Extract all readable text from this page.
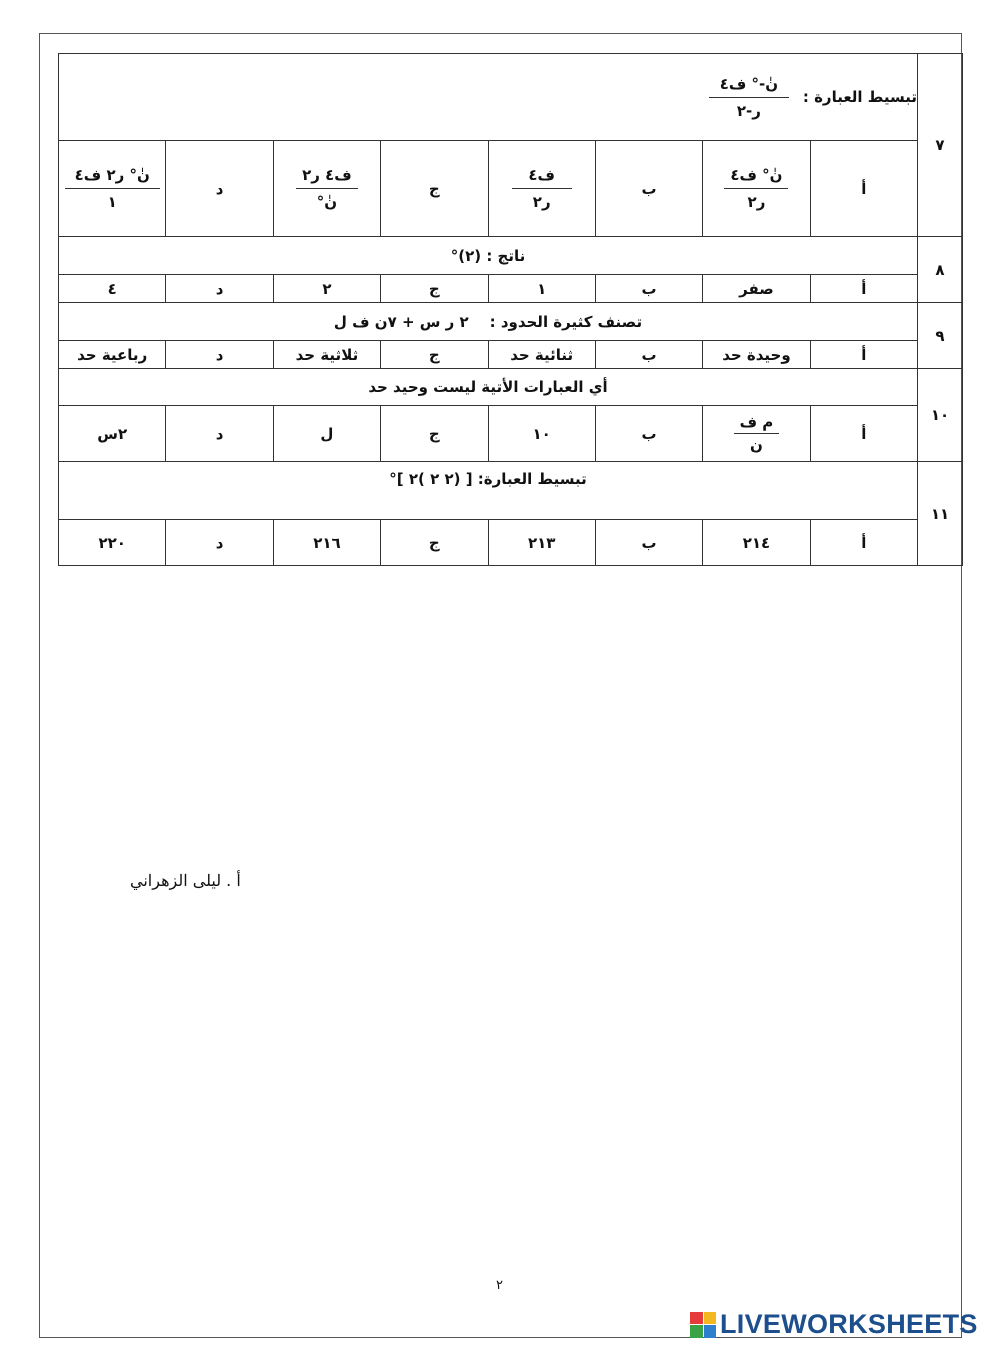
٧	تبسيط العبارة :
$\frac{\text{نٰ-° ف٤}}{\text{ر-٢}}$

	أ	$\frac{\text{نٰ° ف٤}}{\text{ر٢}}$	ب	$\frac{\text{ف٤}}{\text{ر٢}}$	ج	$\frac{\text{ف٤ ر٢}}{\text{نٰ°}}$	د	$\frac{\text{نٰ° ر٢ ف٤}}{١}$

٨	ناتج : (٢)°							
	أ	صفر	ب	١	ج	٢	د	٤
٩	تصنف كثيرة الحدود :    ٢ ر س + ٧ن ف ل							
	أ	وحيدة حد	ب	ثنائية حد	ج	ثلاثية حد	د	رباعية حد
١٠	أي العبارات الأتية ليست وحيد حد							
	أ	$\frac{\text{م ف}}{\text{ن}}$	ب	١٠	ج	ل	د	٢س
١١	تبسيط العبارة: [ (٢ ٢ )٢ ]°							
	أ	٢١٤	ب	٢١٣	ج	٢١٦	د	٢٢٠
أ . ليلى الزهراني
٢
LIVEWORKSHEETS
